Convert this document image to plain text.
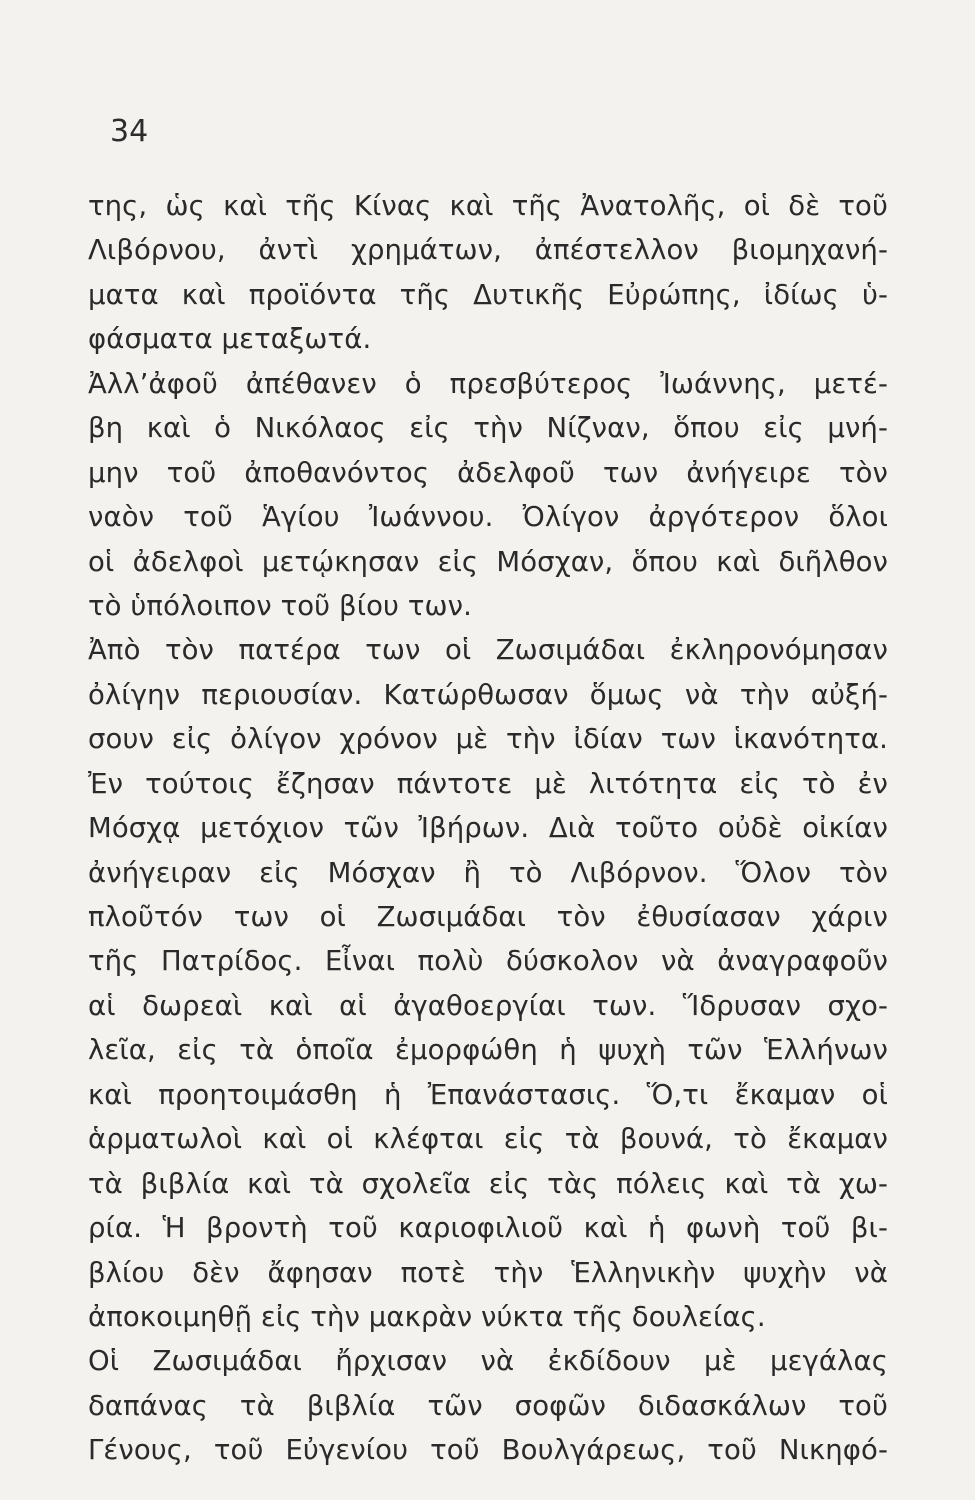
34
της, ὡς καὶ τῆς Κίνας καὶ τῆς Ἀνατολῆς, οἱ δὲ τοῦ
Λιβόρνου, ἀντὶ χρημάτων, ἀπέστελλον βιομηχανή-
ματα καὶ προϊόντα τῆς Δυτικῆς Εὐρώπης, ἰδίως ὑ-
φάσματα μεταξωτά.
Ἀλλ’ἀφοῦ ἀπέθανεν ὁ πρεσβύτερος Ἰωάννης, μετέ-
βη καὶ ὁ Νικόλαος εἰς τὴν Νίζναν, ὅπου εἰς μνή-
μην τοῦ ἀποθανόντος ἀδελφοῦ των ἀνήγειρε τὸν
ναὸν τοῦ Ἁγίου Ἰωάννου. Ὀλίγον ἀργότερον ὅλοι
οἱ ἀδελφοὶ μετῴκησαν εἰς Μόσχαν, ὅπου καὶ διῆλθον
τὸ ὑπόλοιπον τοῦ βίου των.
Ἀπὸ τὸν πατέρα των οἱ Ζωσιμάδαι ἐκληρονόμησαν
ὀλίγην περιουσίαν. Κατώρθωσαν ὅμως νὰ τὴν αὐξή-
σουν εἰς ὀλίγον χρόνον μὲ τὴν ἰδίαν των ἱκανότητα.
Ἐν τούτοις ἔζησαν πάντοτε μὲ λιτότητα εἰς τὸ ἐν
Μόσχᾳ μετόχιον τῶν Ἰβήρων. Διὰ τοῦτο οὐδὲ οἰκίαν
ἀνήγειραν εἰς Μόσχαν ἢ τὸ Λιβόρνον. Ὅλον τὸν
πλοῦτόν των οἱ Ζωσιμάδαι τὸν ἐθυσίασαν χάριν
τῆς Πατρίδος. Εἶναι πολὺ δύσκολον νὰ ἀναγραφοῦν
αἱ δωρεαὶ καὶ αἱ ἀγαθοεργίαι των. Ἵδρυσαν σχο-
λεῖα, εἰς τὰ ὁποῖα ἐμορφώθη ἡ ψυχὴ τῶν Ἑλλήνων
καὶ προητοιμάσθη ἡ Ἐπανάστασις. Ὅ,τι ἔκαμαν οἱ
ἁρματωλοὶ καὶ οἱ κλέφται εἰς τὰ βουνά, τὸ ἔκαμαν
τὰ βιβλία καὶ τὰ σχολεῖα εἰς τὰς πόλεις καὶ τὰ χω-
ρία. Ἡ βροντὴ τοῦ καριοφιλιοῦ καὶ ἡ φωνὴ τοῦ βι-
βλίου δὲν ἄφησαν ποτὲ τὴν Ἑλληνικὴν ψυχὴν νὰ
ἀποκοιμηθῇ εἰς τὴν μακρὰν νύκτα τῆς δουλείας.
Οἱ Ζωσιμάδαι ἤρχισαν νὰ ἐκδίδουν μὲ μεγάλας
δαπάνας τὰ βιβλία τῶν σοφῶν διδασκάλων τοῦ
Γένους, τοῦ Εὐγενίου τοῦ Βουλγάρεως, τοῦ Νικηφό-
